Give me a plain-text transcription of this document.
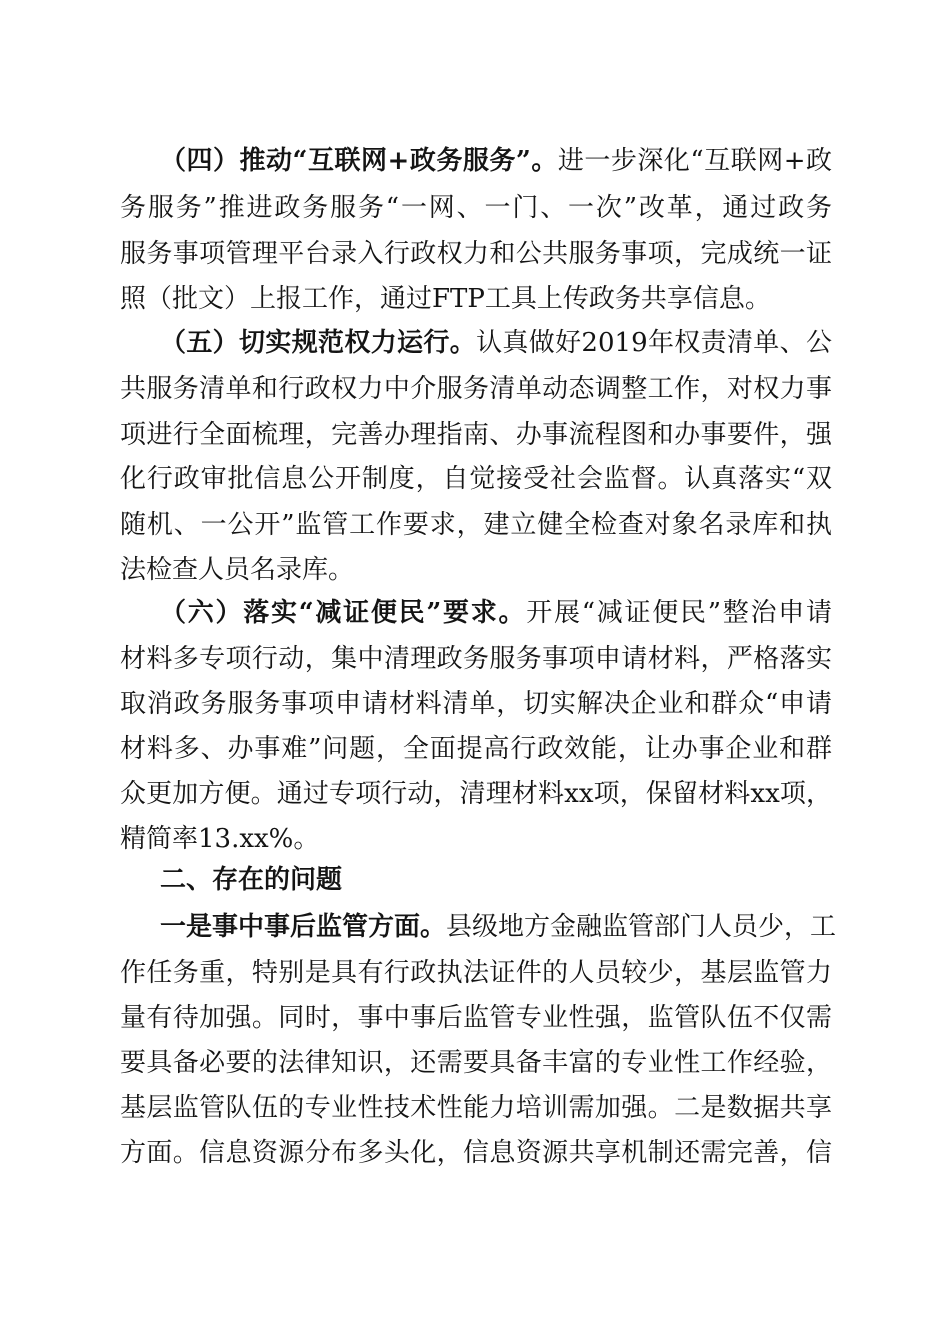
（四）推动“互联网+政务服务”。进一步深化“互联网+政
务服务”推进政务服务“一网、一门、一次”改革，通过政务
服务事项管理平台录入行政权力和公共服务事项，完成统一证
照（批文）上报工作，通过FTP工具上传政务共享信息。
（五）切实规范权力运行。认真做好2019年权责清单、公
共服务清单和行政权力中介服务清单动态调整工作，对权力事
项进行全面梳理，完善办理指南、办事流程图和办事要件，强
化行政审批信息公开制度，自觉接受社会监督。认真落实“双
随机、一公开”监管工作要求，建立健全检查对象名录库和执
法检查人员名录库。
（六）落实“减证便民”要求。开展“减证便民”整治申请
材料多专项行动，集中清理政务服务事项申请材料，严格落实
取消政务服务事项申请材料清单，切实解决企业和群众“申请
材料多、办事难”问题，全面提高行政效能，让办事企业和群
众更加方便。通过专项行动，清理材料xx项，保留材料xx项，
精简率13.xx%。
二、存在的问题
一是事中事后监管方面。县级地方金融监管部门人员少，工
作任务重，特别是具有行政执法证件的人员较少，基层监管力
量有待加强。同时，事中事后监管专业性强，监管队伍不仅需
要具备必要的法律知识，还需要具备丰富的专业性工作经验，
基层监管队伍的专业性技术性能力培训需加强。二是数据共享
方面。信息资源分布多头化，信息资源共享机制还需完善，信
